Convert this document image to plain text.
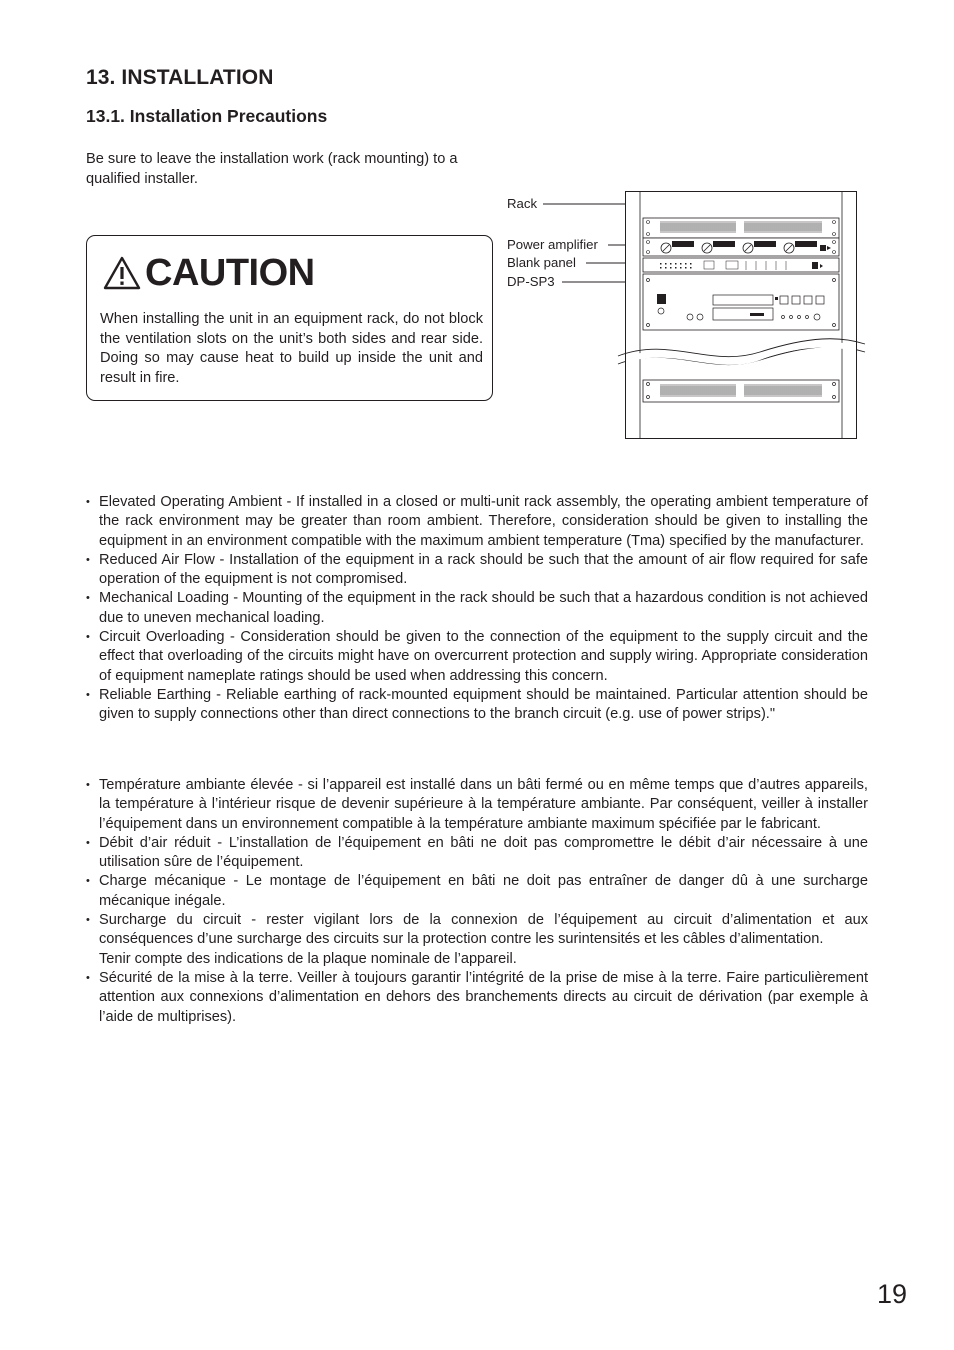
13. INSTALLATION
13.1. Installation Precautions
Be sure to leave the installation work (rack mounting) to a qualified installer.
CAUTION
When installing the unit in an equipment rack, do not block the ventilation slots on the unit’s both sides and rear side. Doing so may cause heat to build up inside the unit and result in fire.
Rack
Power amplifier
Blank panel
DP-SP3
• Elevated Operating Ambient - If installed in a closed or multi-unit rack assembly, the operating ambient temperature of the rack environment may be greater than room ambient. Therefore, consideration should be given to installing the equipment in an environment compatible with the maximum ambient temperature (Tma) specified by the manufacturer.
• Reduced Air Flow - Installation of the equipment in a rack should be such that the amount of air flow required for safe operation of the equipment is not compromised.
• Mechanical Loading - Mounting of the equipment in the rack should be such that a hazardous condition is not achieved due to uneven mechanical loading.
• Circuit Overloading - Consideration should be given to the connection of the equipment to the supply circuit and the effect that overloading of the circuits might have on overcurrent protection and supply wiring. Appropriate consideration of equipment nameplate ratings should be used when addressing this concern.
• Reliable Earthing - Reliable earthing of rack-mounted equipment should be maintained. Particular attention should be given to supply connections other than direct connections to the branch circuit (e.g. use of power strips)."
• Température ambiante élevée - si l’appareil est installé dans un bâti fermé ou en même temps que d’autres appareils, la température à l’intérieur risque de devenir supérieure à la température ambiante. Par conséquent, veiller à installer l’équipement dans un environnement compatible à la température ambiante maximum spécifiée par le fabricant.
• Débit d’air réduit - L’installation de l’équipement en bâti ne doit pas compromettre le débit d’air nécessaire à une utilisation sûre de l’équipement.
• Charge mécanique - Le montage de l’équipement en bâti ne doit pas entraîner de danger dû à une surcharge mécanique inégale.
• Surcharge du circuit - rester vigilant lors de la connexion de l’équipement au circuit d’alimentation et aux conséquences d’une surcharge des circuits sur la protection contre les surintensités et les câbles d’alimentation.
Tenir compte des indications de la plaque nominale de l’appareil.
• Sécurité de la mise à la terre. Veiller à toujours garantir l’intégrité de la prise de mise à la terre. Faire particulièrement attention aux connexions d’alimentation en dehors des branchements directs au circuit de dérivation (par exemple à l’aide de multiprises).
19
